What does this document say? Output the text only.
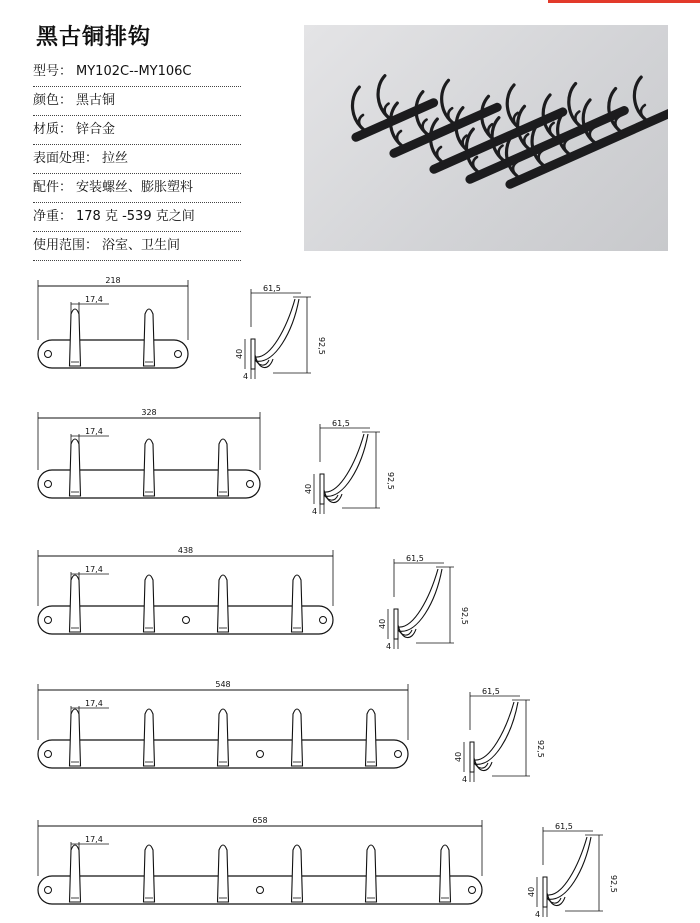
黑古铜排钩
型号： MY102C--MY106C
颜色： 黑古铜
材质： 锌合金
表面处理： 拉丝
配件： 安装螺丝、膨胀塑料
净重： 178 克 -539 克之间
使用范围： 浴室、卫生间
218
17,4
61,5
92,5
40
4
328
17,4
61,5
92,5
40
4
438
17,4
61,5
92,5
40
4
548
17,4
61,5
92,5
40
4
658
17,4
61,5
92,5
40
4
